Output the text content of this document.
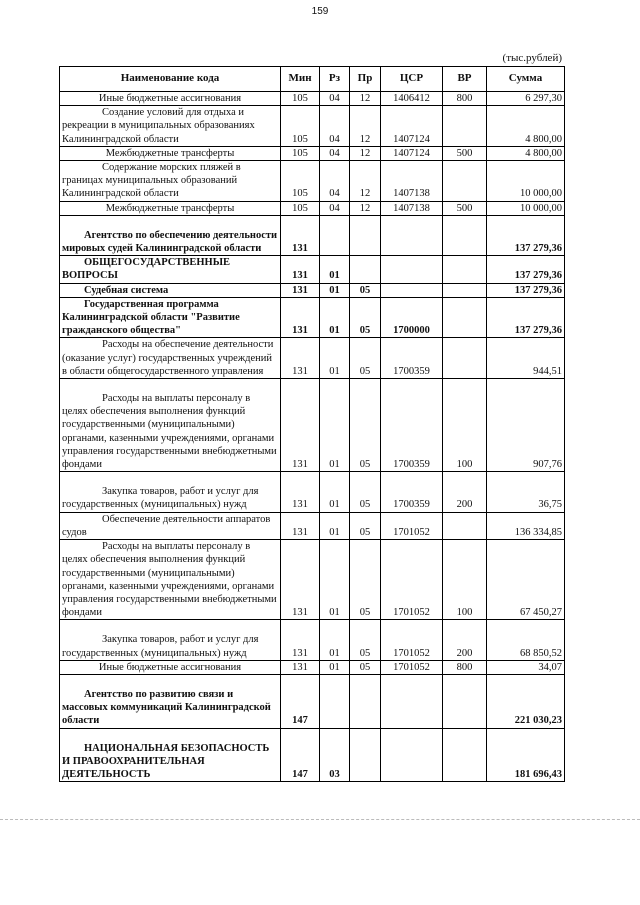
159
(тыс.рублей)
Наименование кода	Мин	Рз	Пр	ЦСР	ВР	Сумма
Иные бюджетные ассигнования	105	04	12	1406412	800	6 297,30
Создание условий для отдыха и рекреации в муниципальных образованиях Калининградской области	105	04	12	1407124		4 800,00
Межбюджетные трансферты	105	04	12	1407124	500	4 800,00
Содержание морских пляжей в границах муниципальных образований Калининградской области	105	04	12	1407138		10 000,00
Межбюджетные трансферты	105	04	12	1407138	500	10 000,00
Агентство по обеспечению деятельности мировых судей Калининградской области	131					137 279,36
ОБЩЕГОСУДАРСТВЕННЫЕ ВОПРОСЫ	131	01				137 279,36
Судебная система	131	01	05			137 279,36
Государственная программа Калининградской области "Развитие гражданского общества"	131	01	05	1700000		137 279,36
Расходы на обеспечение деятельности (оказание услуг) государственных учреждений в области общегосударственного управления	131	01	05	1700359		944,51
Расходы на выплаты персоналу в целях обеспечения выполнения функций государственными (муниципальными) органами, казенными учреждениями, органами управления государственными внебюджетными фондами	131	01	05	1700359	100	907,76
Закупка товаров, работ и услуг для государственных (муниципальных) нужд	131	01	05	1700359	200	36,75
Обеспечение деятельности аппаратов судов	131	01	05	1701052		136 334,85
Расходы на выплаты персоналу в целях обеспечения выполнения функций государственными (муниципальными) органами, казенными учреждениями, органами управления государственными внебюджетными фондами	131	01	05	1701052	100	67 450,27
Закупка товаров, работ и услуг для государственных (муниципальных) нужд	131	01	05	1701052	200	68 850,52
Иные бюджетные ассигнования	131	01	05	1701052	800	34,07
Агентство по развитию связи и массовых коммуникаций Калининградской области	147					221 030,23
НАЦИОНАЛЬНАЯ БЕЗОПАСНОСТЬ И ПРАВООХРАНИТЕЛЬНАЯ ДЕЯТЕЛЬНОСТЬ	147	03				181 696,43
